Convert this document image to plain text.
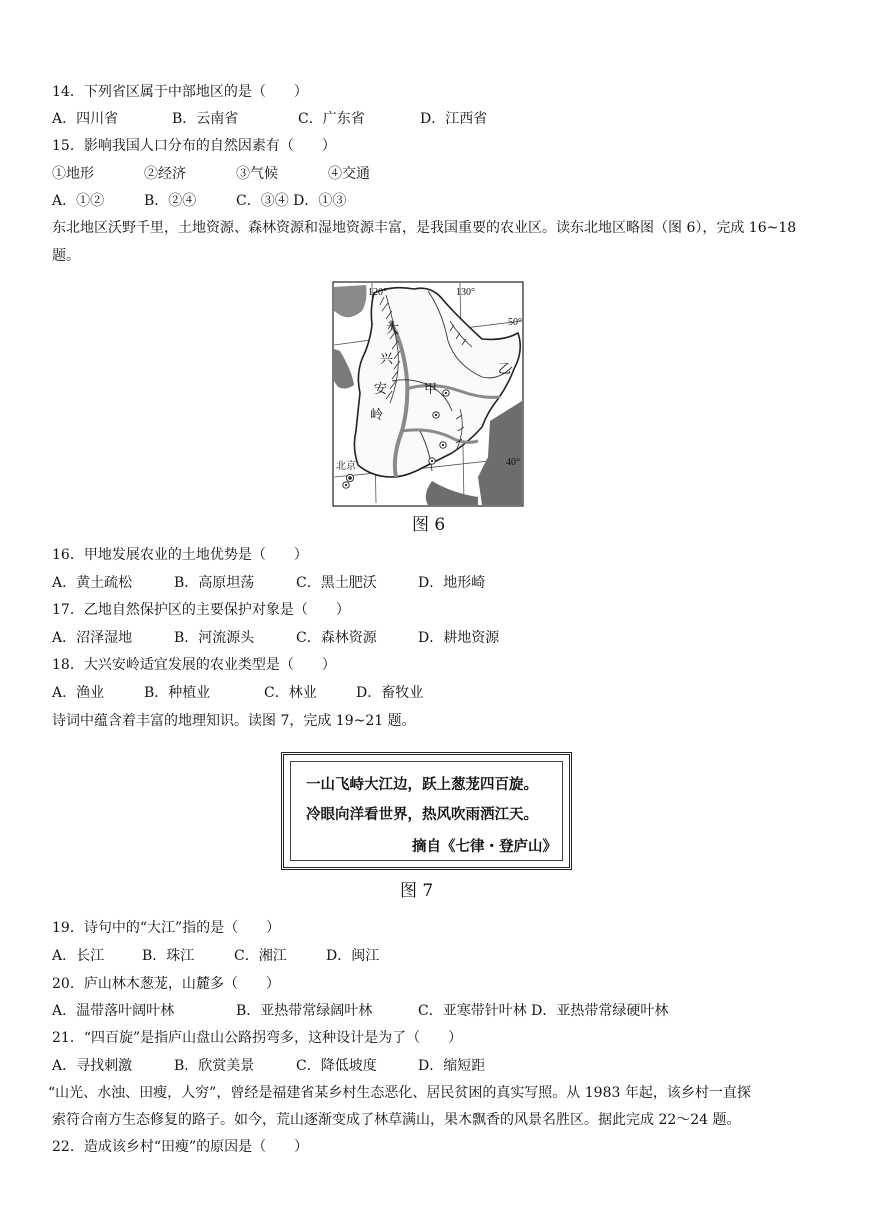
14．下列省区属于中部地区的是（　　）
A．四川省	B．云南省	C．广东省	D．江西省
15．影响我国人口分布的自然因素有（　　）
①地形	②经济	③气候	④交通
A．①②	B．②④	C．③④ D．①③
东北地区沃野千里，土地资源、森林资源和湿地资源丰富，是我国重要的农业区。读东北地区略图（图 6），完成 16~18 题。
120°	130°
50°
40°
大
兴
安
岭
甲
乙
北京
图 6
16．甲地发展农业的土地优势是（　　）
A．黄土疏松	B．高原坦荡	C．黑土肥沃	D．地形崎
17．乙地自然保护区的主要保护对象是（　　）
A．沼泽湿地	B．河流源头	C．森林资源	D．耕地资源
18．大兴安岭适宜发展的农业类型是（　　）
A．渔业	B．种植业	C．林业	D．畜牧业
诗词中蕴含着丰富的地理知识。读图 7，完成 19~21 题。
一山飞峙大江边，跃上葱茏四百旋。
冷眼向洋看世界，热风吹雨洒江天。
摘自《七律・登庐山》
图 7
19．诗句中的“大江”指的是（　　）
A．长江	B．珠江	C．湘江	D．闽江
20．庐山林木葱茏，山麓多（　　）
A．温带落叶阔叶林	B．亚热带常绿阔叶林	C．亚寒带针叶林 D．亚热带常绿硬叶林
21．“四百旋”是指庐山盘山公路拐弯多，这种设计是为了（　　）
A．寻找刺激	B．欣赏美景	C．降低坡度	D．缩短距
“山光、水浊、田瘦，人穷”，曾经是福建省某乡村生态恶化、居民贫困的真实写照。从 1983 年起，该乡村一直探
索符合南方生态修复的路子。如今，荒山逐渐变成了林草满山，果木飘香的风景名胜区。据此完成 22～24 题。
22．造成该乡村“田瘦”的原因是（　　）
